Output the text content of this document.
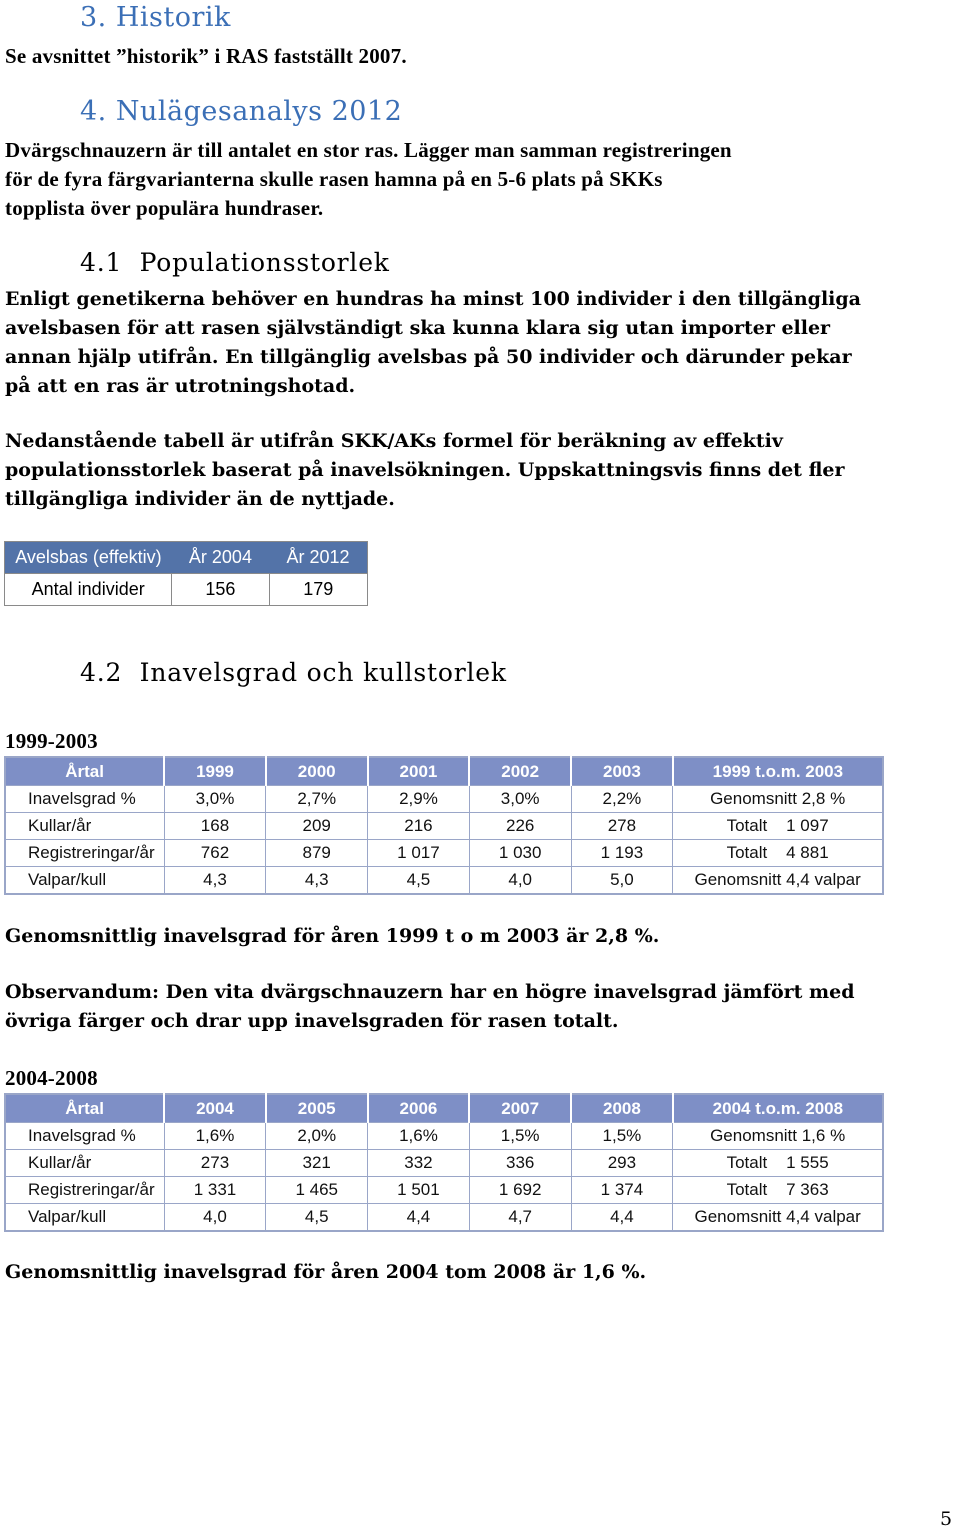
3. Historik

Se avsnittet ”historik” i RAS fastställt 2007.

4. Nulägesanalys 2012

Dvärgschnauzern är till antalet en stor ras. Lägger man samman registreringen

för de fyra färgvarianterna skulle rasen hamna på en 5-6 plats på SKKs

topplista över populära hundraser.

4.1  Populationsstorlek

Enligt genetikerna behöver en hundras ha minst 100 individer i den tillgängliga

avelsbasen för att rasen självständigt ska kunna klara sig utan importer eller

annan hjälp utifrån. En tillgänglig avelsbas på 50 individer och därunder pekar

på att en ras är utrotningshotad.

Nedanstående tabell är utifrån SKK/AKs formel för beräkning av effektiv

populationsstorlek baserat på inavelsökningen. Uppskattningsvis finns det fler

tillgängliga individer än de nyttjade.

Avelsbas (effektiv)	År 2004	År 2012
Antal individer	156	179
4.2  Inavelsgrad och kullstorlek

1999-2003

Årtal	1999	2000	2001	2002	2003	1999 t.o.m. 2003
Inavelsgrad %	3,0%	2,7%	2,9%	3,0%	2,2%	Genomsnitt 2,8 %
Kullar/år	168	209	216	226	278	Totalt    1 097
Registreringar/år	762	879	1 017	1 030	1 193	Totalt    4 881
Valpar/kull	4,3	4,3	4,5	4,0	5,0	Genomsnitt 4,4 valpar

Genomsnittlig inavelsgrad för åren 1999 t o m 2003 är 2,8 %.

Observandum: Den vita dvärgschnauzern har en högre inavelsgrad jämfört med

övriga färger och drar upp inavelsgraden för rasen totalt.

2004-2008

Årtal	2004	2005	2006	2007	2008	2004 t.o.m. 2008
Inavelsgrad %	1,6%	2,0%	1,6%	1,5%	1,5%	Genomsnitt 1,6 %
Kullar/år	273	321	332	336	293	Totalt    1 555
Registreringar/år	1 331	1 465	1 501	1 692	1 374	Totalt    7 363
Valpar/kull	4,0	4,5	4,4	4,7	4,4	Genomsnitt 4,4 valpar

Genomsnittlig inavelsgrad för åren 2004 tom 2008 är 1,6 %.

5
